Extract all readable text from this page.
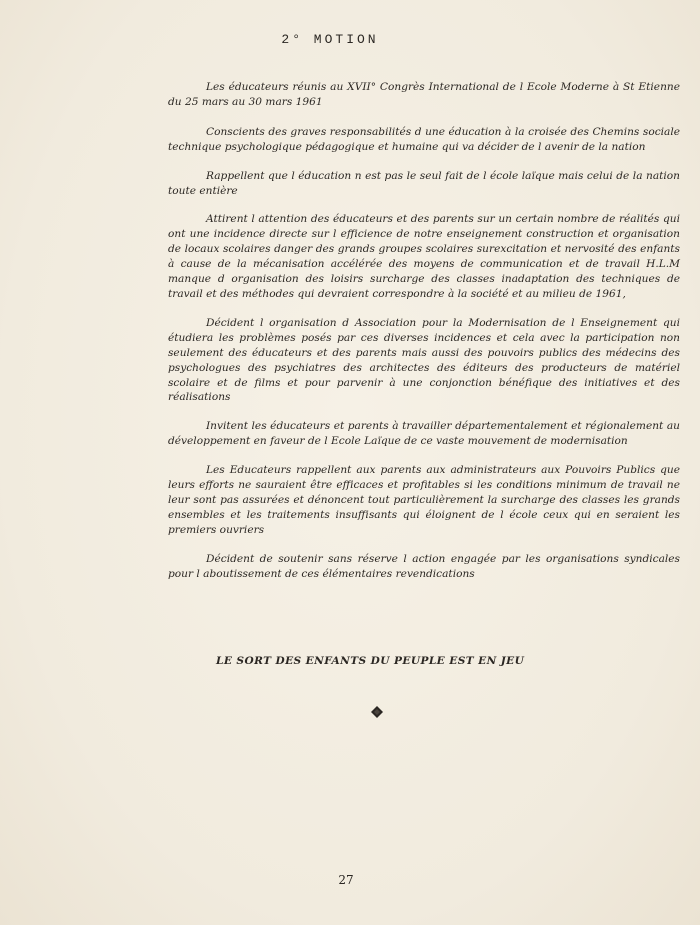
2° MOTION

Les éducateurs réunis au XVII° Congrès International de l Ecole Moderne à St Etienne du 25 mars au 30 mars 1961

Conscients des graves responsabilités d une éducation à la croisée des Chemins sociale technique psychologique pédagogique et humaine qui va décider de l avenir de la nation

Rappellent que l éducation n est pas le seul fait de l école laïque mais celui de la nation toute entière

Attirent l attention des éducateurs et des parents sur un certain nombre de réalités qui ont une incidence directe sur l efficience de notre enseignement construction et organisation de locaux scolaires danger des grands groupes scolaires surexcitation et nervosité des enfants à cause de la mécanisation accélérée des moyens de communication et de travail H.L.M manque d organisation des loisirs surcharge des classes inadaptation des techniques de travail et des méthodes qui devraient correspondre à la société et au milieu de 1961,

Décident l organisation d Association pour la Modernisation de l Enseignement qui étudiera les problèmes posés par ces diverses incidences et cela avec la participation non seulement des éducateurs et des parents mais aussi des pouvoirs publics des médecins des psychologues des psychiatres des architectes des éditeurs des producteurs de matériel scolaire et de films et pour parvenir à une conjonction bénéfique des initiatives et des réalisations

Invitent les éducateurs et parents à travailler départementalement et régionalement au développement en faveur de l Ecole Laïque de ce vaste mouvement de modernisation

Les Educateurs rappellent aux parents aux administrateurs aux Pouvoirs Publics que leurs efforts ne sauraient être efficaces et profitables si les conditions minimum de travail ne leur sont pas assurées et dénoncent tout particulièrement la surcharge des classes les grands ensembles et les traitements insuffisants qui éloignent de l école ceux qui en seraient les premiers ouvriers

Décident de soutenir sans réserve l action engagée par les organisations syndicales pour l aboutissement de ces élémentaires revendications

LE SORT DES ENFANTS DU PEUPLE EST EN JEU
27
